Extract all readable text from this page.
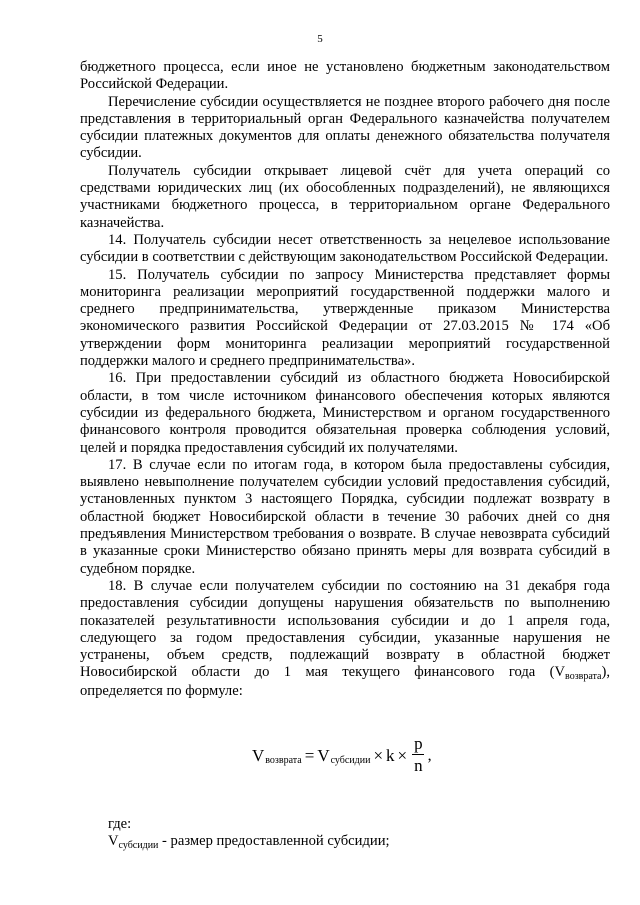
5

бюджетного процесса, если иное не установлено бюджетным законодательством Российской Федерации.

Перечисление субсидии осуществляется не позднее второго рабочего дня после представления в территориальный орган Федерального казначейства получателем субсидии платежных документов для оплаты денежного обязательства получателя субсидии.

Получатель субсидии открывает лицевой счёт для учета операций со средствами юридических лиц (их обособленных подразделений), не являющихся участниками бюджетного процесса, в территориальном органе Федерального казначейства.

14. Получатель субсидии несет ответственность за нецелевое использование субсидии в соответствии с действующим законодательством Российской Федерации.

15. Получатель субсидии по запросу Министерства представляет формы мониторинга реализации мероприятий государственной поддержки малого и среднего предпринимательства, утвержденные приказом Министерства экономического развития Российской Федерации от 27.03.2015 № 174 «Об утверждении форм мониторинга реализации мероприятий государственной поддержки малого и среднего предпринимательства».

16. При предоставлении субсидий из областного бюджета Новосибирской области, в том числе источником финансового обеспечения которых являются субсидии из федерального бюджета, Министерством и органом государственного финансового контроля проводится обязательная проверка соблюдения условий, целей и порядка предоставления субсидий их получателями.

17. В случае если по итогам года, в котором была предоставлены субсидия, выявлено невыполнение получателем субсидии условий предоставления субсидий, установленных пунктом 3 настоящего Порядка, субсидии подлежат возврату в областной бюджет Новосибирской области в течение 30 рабочих дней со дня предъявления Министерством требования о возврате. В случае невозврата субсидий в указанные сроки Министерство обязано принять меры для возврата субсидий в судебном порядке.

18. В случае если получателем субсидии по состоянию на 31 декабря года предоставления субсидии допущены нарушения обязательств по выполнению показателей результативности использования субсидии и до 1 апреля года, следующего за годом предоставления субсидии, указанные нарушения не устранены, объем средств, подлежащий возврату в областной бюджет Новосибирской области до 1 мая текущего финансового года $(V_{возврата})$, определяется по формуле:

V возврата = V субсидии × $k \times \frac{p}{n}$ ,

где:

$V_{субсидии}$ - размер предоставленной субсидии;
